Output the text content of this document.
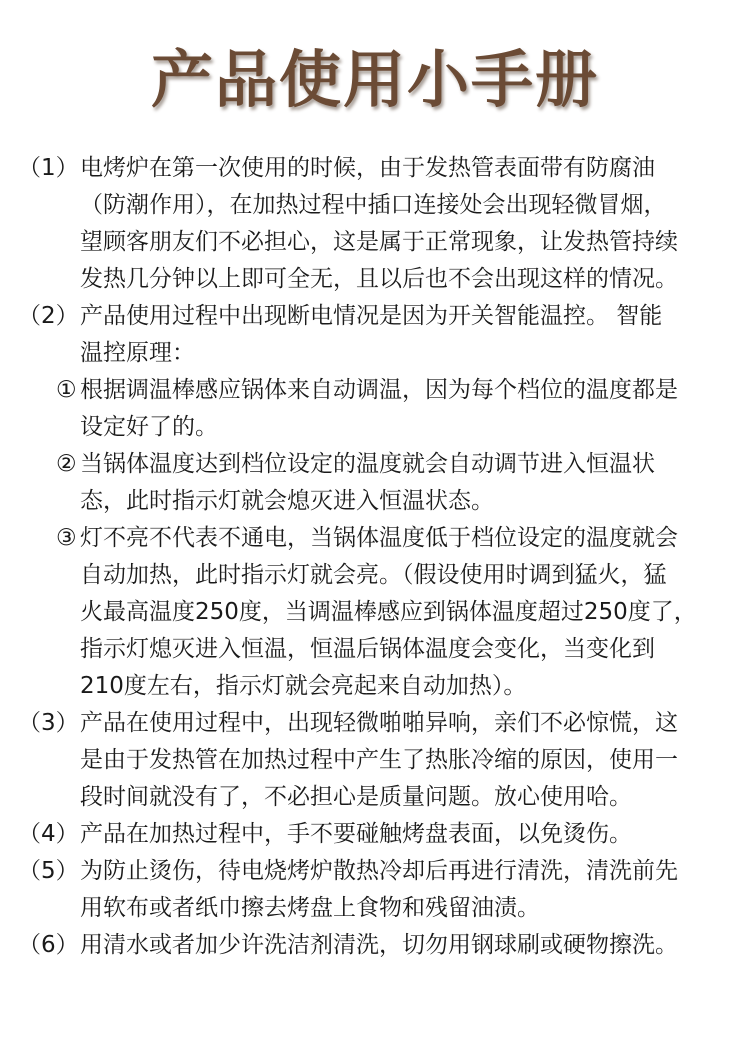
产品使用小手册
（1）电烤炉在第一次使用的时候，由于发热管表面带有防腐油
（防潮作用），在加热过程中插口连接处会出现轻微冒烟，
望顾客朋友们不必担心，这是属于正常现象，让发热管持续
发热几分钟以上即可全无，且以后也不会出现这样的情况。
（2）产品使用过程中出现断电情况是因为开关智能温控。 智能
温控原理：
① 根据调温棒感应锅体来自动调温，因为每个档位的温度都是
设定好了的。
② 当锅体温度达到档位设定的温度就会自动调节进入恒温状
态，此时指示灯就会熄灭进入恒温状态。
③ 灯不亮不代表不通电，当锅体温度低于档位设定的温度就会
自动加热，此时指示灯就会亮。（假设使用时调到猛火，猛
火最高温度250度，当调温棒感应到锅体温度超过250度了，
指示灯熄灭进入恒温，恒温后锅体温度会变化，当变化到
210度左右，指示灯就会亮起来自动加热）。
（3）产品在使用过程中，出现轻微啪啪异响，亲们不必惊慌，这
是由于发热管在加热过程中产生了热胀冷缩的原因，使用一
段时间就没有了，不必担心是质量问题。放心使用哈。
（4）产品在加热过程中，手不要碰触烤盘表面，以免烫伤。
（5）为防止烫伤，待电烧烤炉散热冷却后再进行清洗，清洗前先
用软布或者纸巾擦去烤盘上食物和残留油渍。
（6）用清水或者加少许洗洁剂清洗，切勿用钢球刷或硬物擦洗。
